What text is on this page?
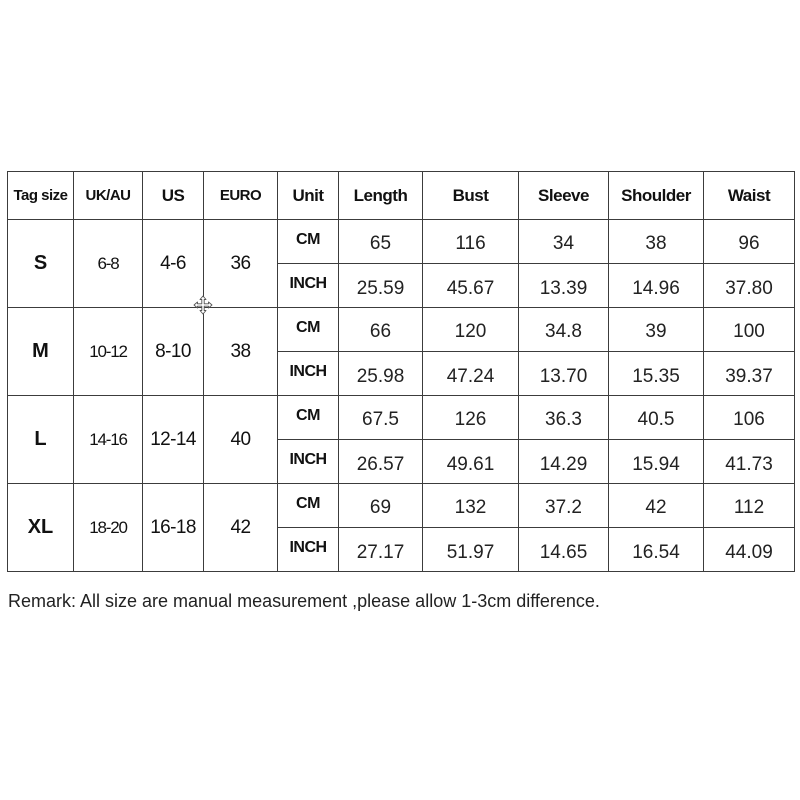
Tag size	UK/AU	US	EURO	Unit	Length	Bust	Sleeve	Shoulder	Waist
S	6-8	4-6	36	CM	65	116	34	38	96
				INCH	25.59	45.67	13.39	14.96	37.80
M	10-12	8-10	38	CM	66	120	34.8	39	100
				INCH	25.98	47.24	13.70	15.35	39.37
L	14-16	12-14	40	CM	67.5	126	36.3	40.5	106
				INCH	26.57	49.61	14.29	15.94	41.73
XL	18-20	16-18	42	CM	69	132	37.2	42	112
				INCH	27.17	51.97	14.65	16.54	44.09
Remark: All size are manual measurement ,please allow 1-3cm difference.
